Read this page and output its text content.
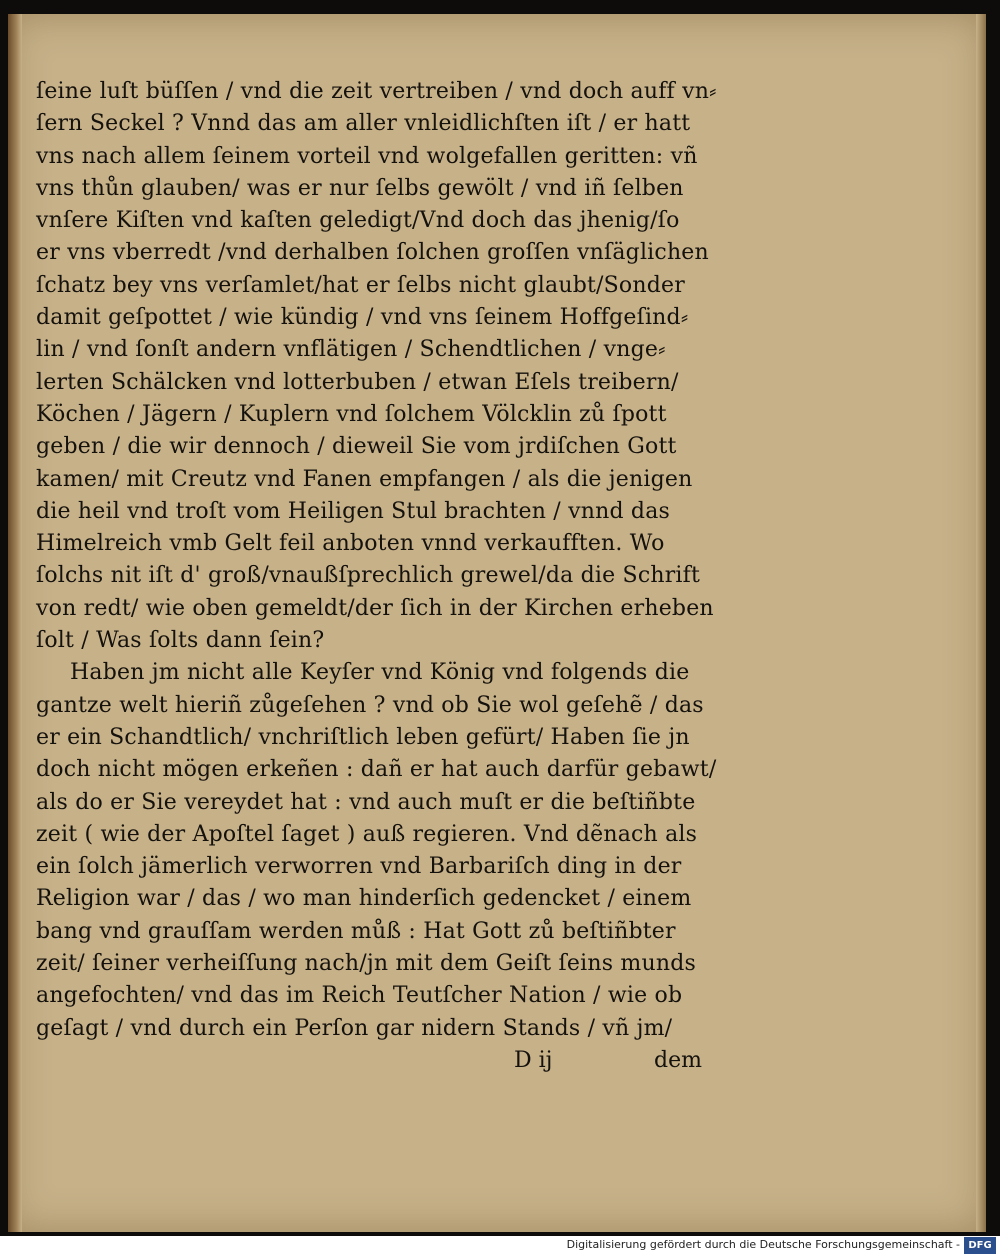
ſeine luſt büſſen / vnd die zeit vertreiben / vnd doch auff vn⸗
ſern Seckel ? Vnnd das am aller vnleidlichſten iſt / er hatt
vns nach allem ſeinem vorteil vnd wolgefallen geritten: vñ
vns thůn glauben/ was er nur ſelbs gewölt / vnd iñ ſelben
vnſere Kiſten vnd kaſten geledigt/Vnd doch das jhenig/ſo
er vns vberredt /vnd derhalben ſolchen groſſen vnſäglichen
ſchatz bey vns verſamlet/hat er ſelbs nicht glaubt/Sonder
damit geſpottet / wie kündig / vnd vns ſeinem Hoffgeſind⸗
lin / vnd ſonſt andern vnflätigen / Schendtlichen / vnge⸗
lerten Schälcken vnd lotterbuben / etwan Eſels treibern/
Köchen / Jägern / Kuplern vnd ſolchem Völcklin zů ſpott
geben / die wir dennoch / dieweil Sie vom jrdiſchen Gott
kamen/ mit Creutz vnd Fanen empfangen / als die jenigen
die heil vnd troſt vom Heiligen Stul brachten / vnnd das
Himelreich vmb Gelt feil anboten vnnd verkaufften. Wo
ſolchs nit iſt d' groß/vnaußſprechlich grewel/da die Schrift
von redt/ wie oben gemeldt/der ſich in der Kirchen erheben
ſolt / Was ſolts dann ſein?
Haben jm nicht alle Keyſer vnd König vnd folgends die
gantze welt hieriñ zůgeſehen ? vnd ob Sie wol geſehẽ / das
er ein Schandtlich/ vnchriſtlich leben gefürt/ Haben ſie jn
doch nicht mögen erkeñen : dañ er hat auch darfür gebawt/
als do er Sie vereydet hat : vnd auch muſt er die beſtiñbte
zeit ( wie der Apoſtel ſaget ) auß regieren. Vnd dẽnach als
ein ſolch jämerlich verworren vnd Barbariſch ding in der
Religion war / das / wo man hinderſich gedencket / einem
bang vnd grauſſam werden můß : Hat Gott zů beſtiñbter
zeit/ ſeiner verheiſſung nach/jn mit dem Geiſt ſeins munds
angefochten/ vnd das im Reich Teutſcher Nation / wie ob
geſagt / vnd durch ein Perſon gar nidern Stands / vñ jm/
D ij	dem
Digitalisierung gefördert durch die Deutsche Forschungsgemeinschaft - DFG
